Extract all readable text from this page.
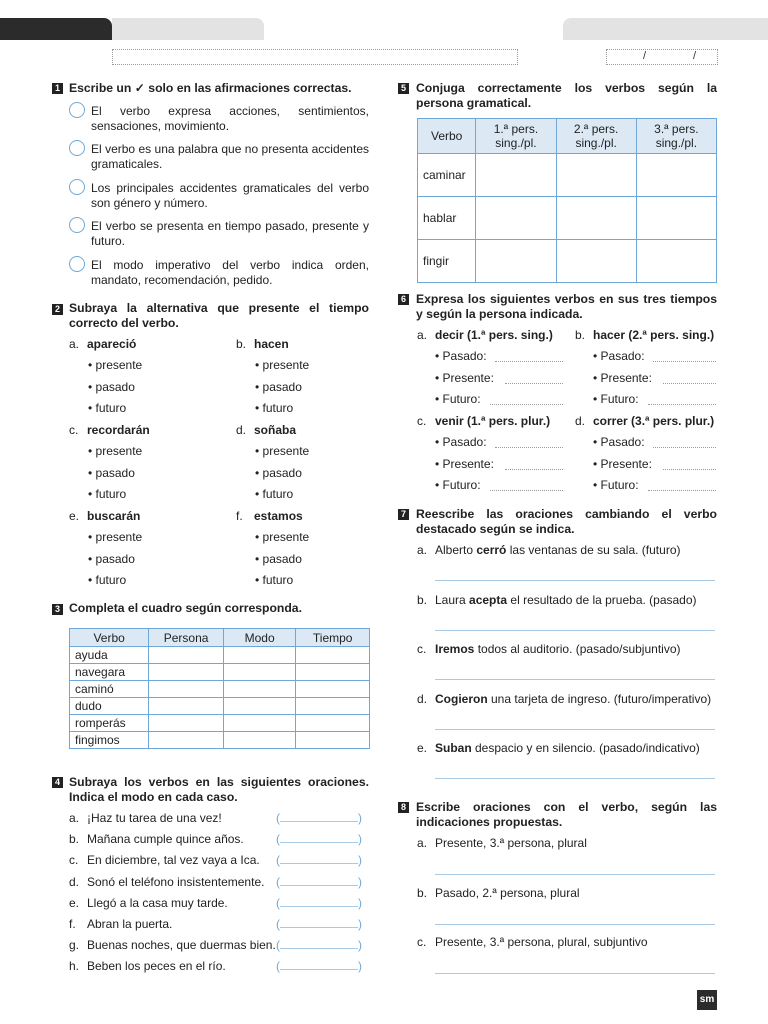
/	/
1 Escribe un ✓ solo en las afirmaciones correctas.
El verbo expresa acciones, sentimientos, sensaciones, movimiento.
El verbo es una palabra que no presenta accidentes gramaticales.
Los principales accidentes gramaticales del verbo son género y número.
El verbo se presenta en tiempo pasado, presente y futuro.
El modo imperativo del verbo indica orden, mandato, recomendación, pedido.
2 Subraya la alternativa que presente el tiempo correcto del verbo.
a. apareció
• presente
• pasado
• futuro
b. hacen
• presente
• pasado
• futuro
c. recordarán
• presente
• pasado
• futuro
d. soñaba
• presente
• pasado
• futuro
e. buscarán
• presente
• pasado
• futuro
f. estamos
• presente
• pasado
• futuro
3 Completa el cuadro según corresponda.
Verbo	Persona	Modo	Tiempo
ayuda			
navegara			
caminó			
dudo			
romperás			
fingimos			
4 Subraya los verbos en las siguientes oraciones. Indica el modo en cada caso.
a. ¡Haz tu tarea de una vez!	(	)
b. Mañana cumple quince años.	(	)
c. En diciembre, tal vez vaya a Ica. (	)
d. Sonó el teléfono insistentemente. (	)
e. Llegó a la casa muy tarde.	(	)
f. Abran la puerta.	(	)
g. Buenas noches, que duermas bien. (	)
h. Beben los peces en el río.	(	)
5 Conjuga correctamente los verbos según la persona gramatical.
Verbo	1.ª pers. sing./pl.	2.ª pers. sing./pl.	3.ª pers. sing./pl.
caminar			
hablar			
fingir			
6 Expresa los siguientes verbos en sus tres tiempos y según la persona indicada.
a. decir (1.ª pers. sing.)
• Pasado:
• Presente:
• Futuro:
b. hacer (2.ª pers. sing.)
• Pasado:
• Presente:
• Futuro:
c. venir (1.ª pers. plur.)
• Pasado:
• Presente:
• Futuro:
d. correr (3.ª pers. plur.)
• Pasado:
• Presente:
• Futuro:
7 Reescribe las oraciones cambiando el verbo destacado según se indica.
a. Alberto cerró las ventanas de su sala. (futuro)
b. Laura acepta el resultado de la prueba. (pasado)
c. Iremos todos al auditorio. (pasado/subjuntivo)
d. Cogieron una tarjeta de ingreso. (futuro/imperativo)
e. Suban despacio y en silencio. (pasado/indicativo)
8 Escribe oraciones con el verbo, según las indicaciones propuestas.
a. Presente, 3.ª persona, plural
b. Pasado, 2.ª persona, plural
c. Presente, 3.ª persona, plural, subjuntivo
sm
